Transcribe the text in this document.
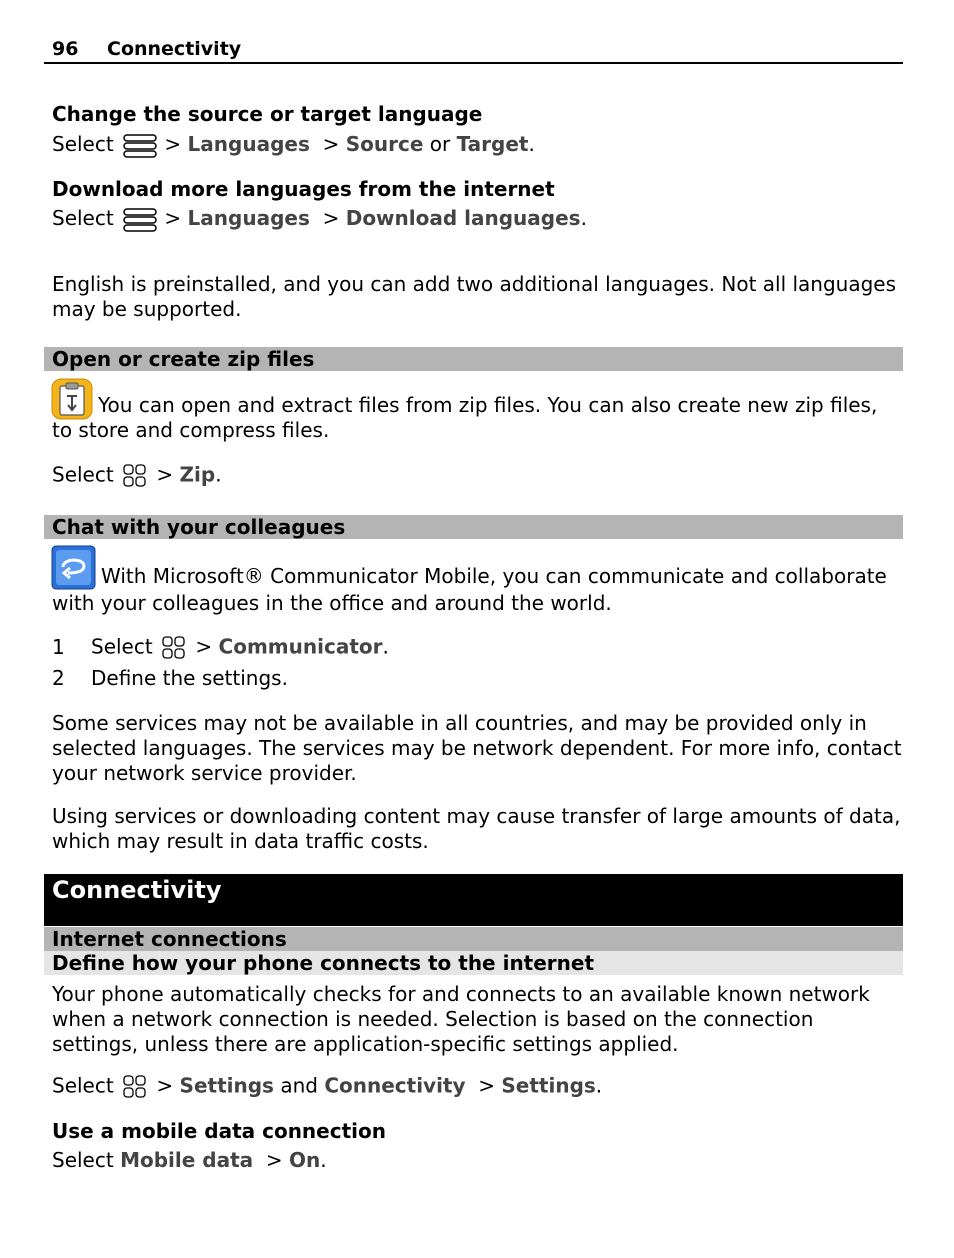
96 Connectivity
Change the source or target language
Select	> Languages > Source or Target.
Download more languages from the internet
Select	> Languages > Download languages.
English is preinstalled, and you can add two additional languages. Not all languages may be supported.
Open or create zip files
You can open and extract files from zip files. You can also create new zip files, to store and compress files.
Select > Zip.
Chat with your colleagues
With Microsoft® Communicator Mobile, you can communicate and collaborate
with your colleagues in the office and around the world.
1 Select > Communicator.
2 Define the settings.
Some services may not be available in all countries, and may be provided only in selected languages. The services may be network dependent. For more info, contact your network service provider.
Using services or downloading content may cause transfer of large amounts of data, which may result in data traffic costs.
Connectivity
Internet connections
Define how your phone connects to the internet
Your phone automatically checks for and connects to an available known network when a network connection is needed. Selection is based on the connection settings, unless there are application-specific settings applied.
Select > Settings and Connectivity > Settings.
Use a mobile data connection
Select Mobile data > On.
